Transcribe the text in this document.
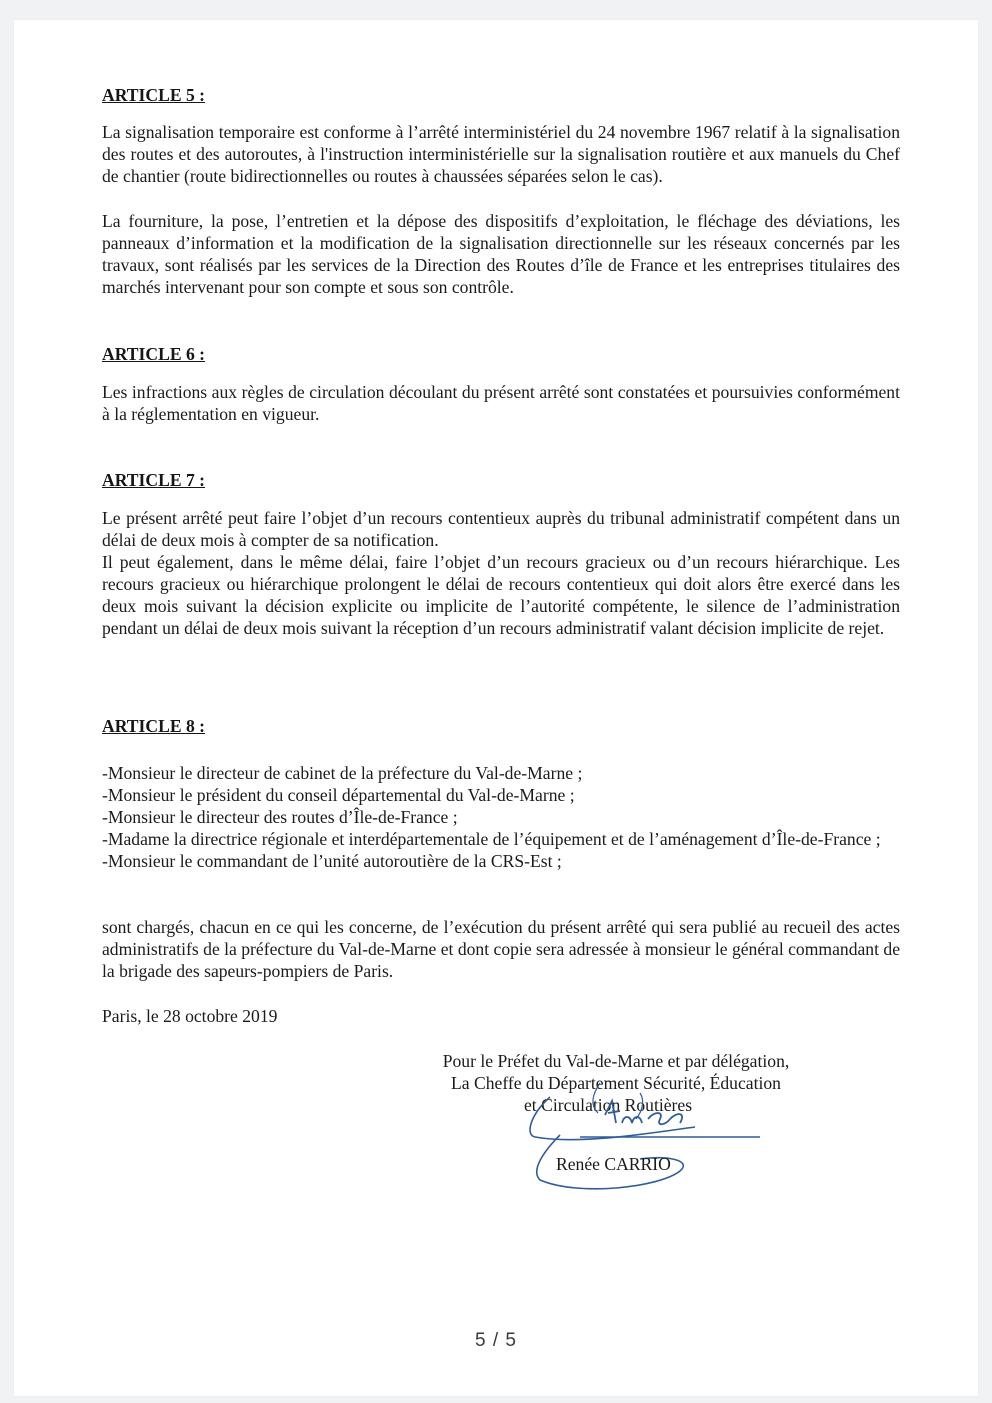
ARTICLE 5 :

La signalisation temporaire est conforme à l’arrêté interministériel du 24 novembre 1967 relatif à la signalisation des routes et des autoroutes, à l'instruction interministérielle sur la signalisation routière et aux manuels du Chef de chantier (route bidirectionnelles ou routes à chaussées séparées selon le cas).

La fourniture, la pose, l’entretien et la dépose des dispositifs d’exploitation, le fléchage des déviations, les panneaux d’information et la modification de la signalisation directionnelle sur les réseaux concernés par les travaux, sont réalisés par les services de la Direction des Routes d’île de France et les entreprises titulaires des marchés intervenant pour son compte et sous son contrôle.

ARTICLE 6 :

Les infractions aux règles de circulation découlant du présent arrêté sont constatées et poursuivies conformément à la réglementation en vigueur.

ARTICLE 7 :

Le présent arrêté peut faire l’objet d’un recours contentieux auprès du tribunal administratif compétent dans un délai de deux mois à compter de sa notification.

Il peut également, dans le même délai, faire l’objet d’un recours gracieux ou d’un recours hiérarchique. Les recours gracieux ou hiérarchique prolongent le délai de recours contentieux qui doit alors être exercé dans les deux mois suivant la décision explicite ou implicite de l’autorité compétente, le silence de l’administration pendant un délai de deux mois suivant la réception d’un recours administratif valant décision implicite de rejet.

ARTICLE 8 :
-Monsieur le directeur de cabinet de la préfecture du Val-de-Marne ;
-Monsieur le président du conseil départemental du Val-de-Marne ;
-Monsieur le directeur des routes d’Île-de-France ;
-Madame la directrice régionale et interdépartementale de l’équipement et de l’aménagement d’Île-de-France ;
-Monsieur le commandant de l’unité autoroutière de la CRS-Est ;

sont chargés, chacun en ce qui les concerne, de l’exécution du présent arrêté qui sera publié au recueil des actes administratifs de la préfecture du Val-de-Marne et dont copie sera adressée à monsieur le général commandant de la brigade des sapeurs-pompiers de Paris.

Paris, le 28 octobre 2019

Pour le Préfet du Val-de-Marne et par délégation,
La Cheffe du Département Sécurité, Éducation
et Circulation Routières
Renée CARRIO
5 / 5
